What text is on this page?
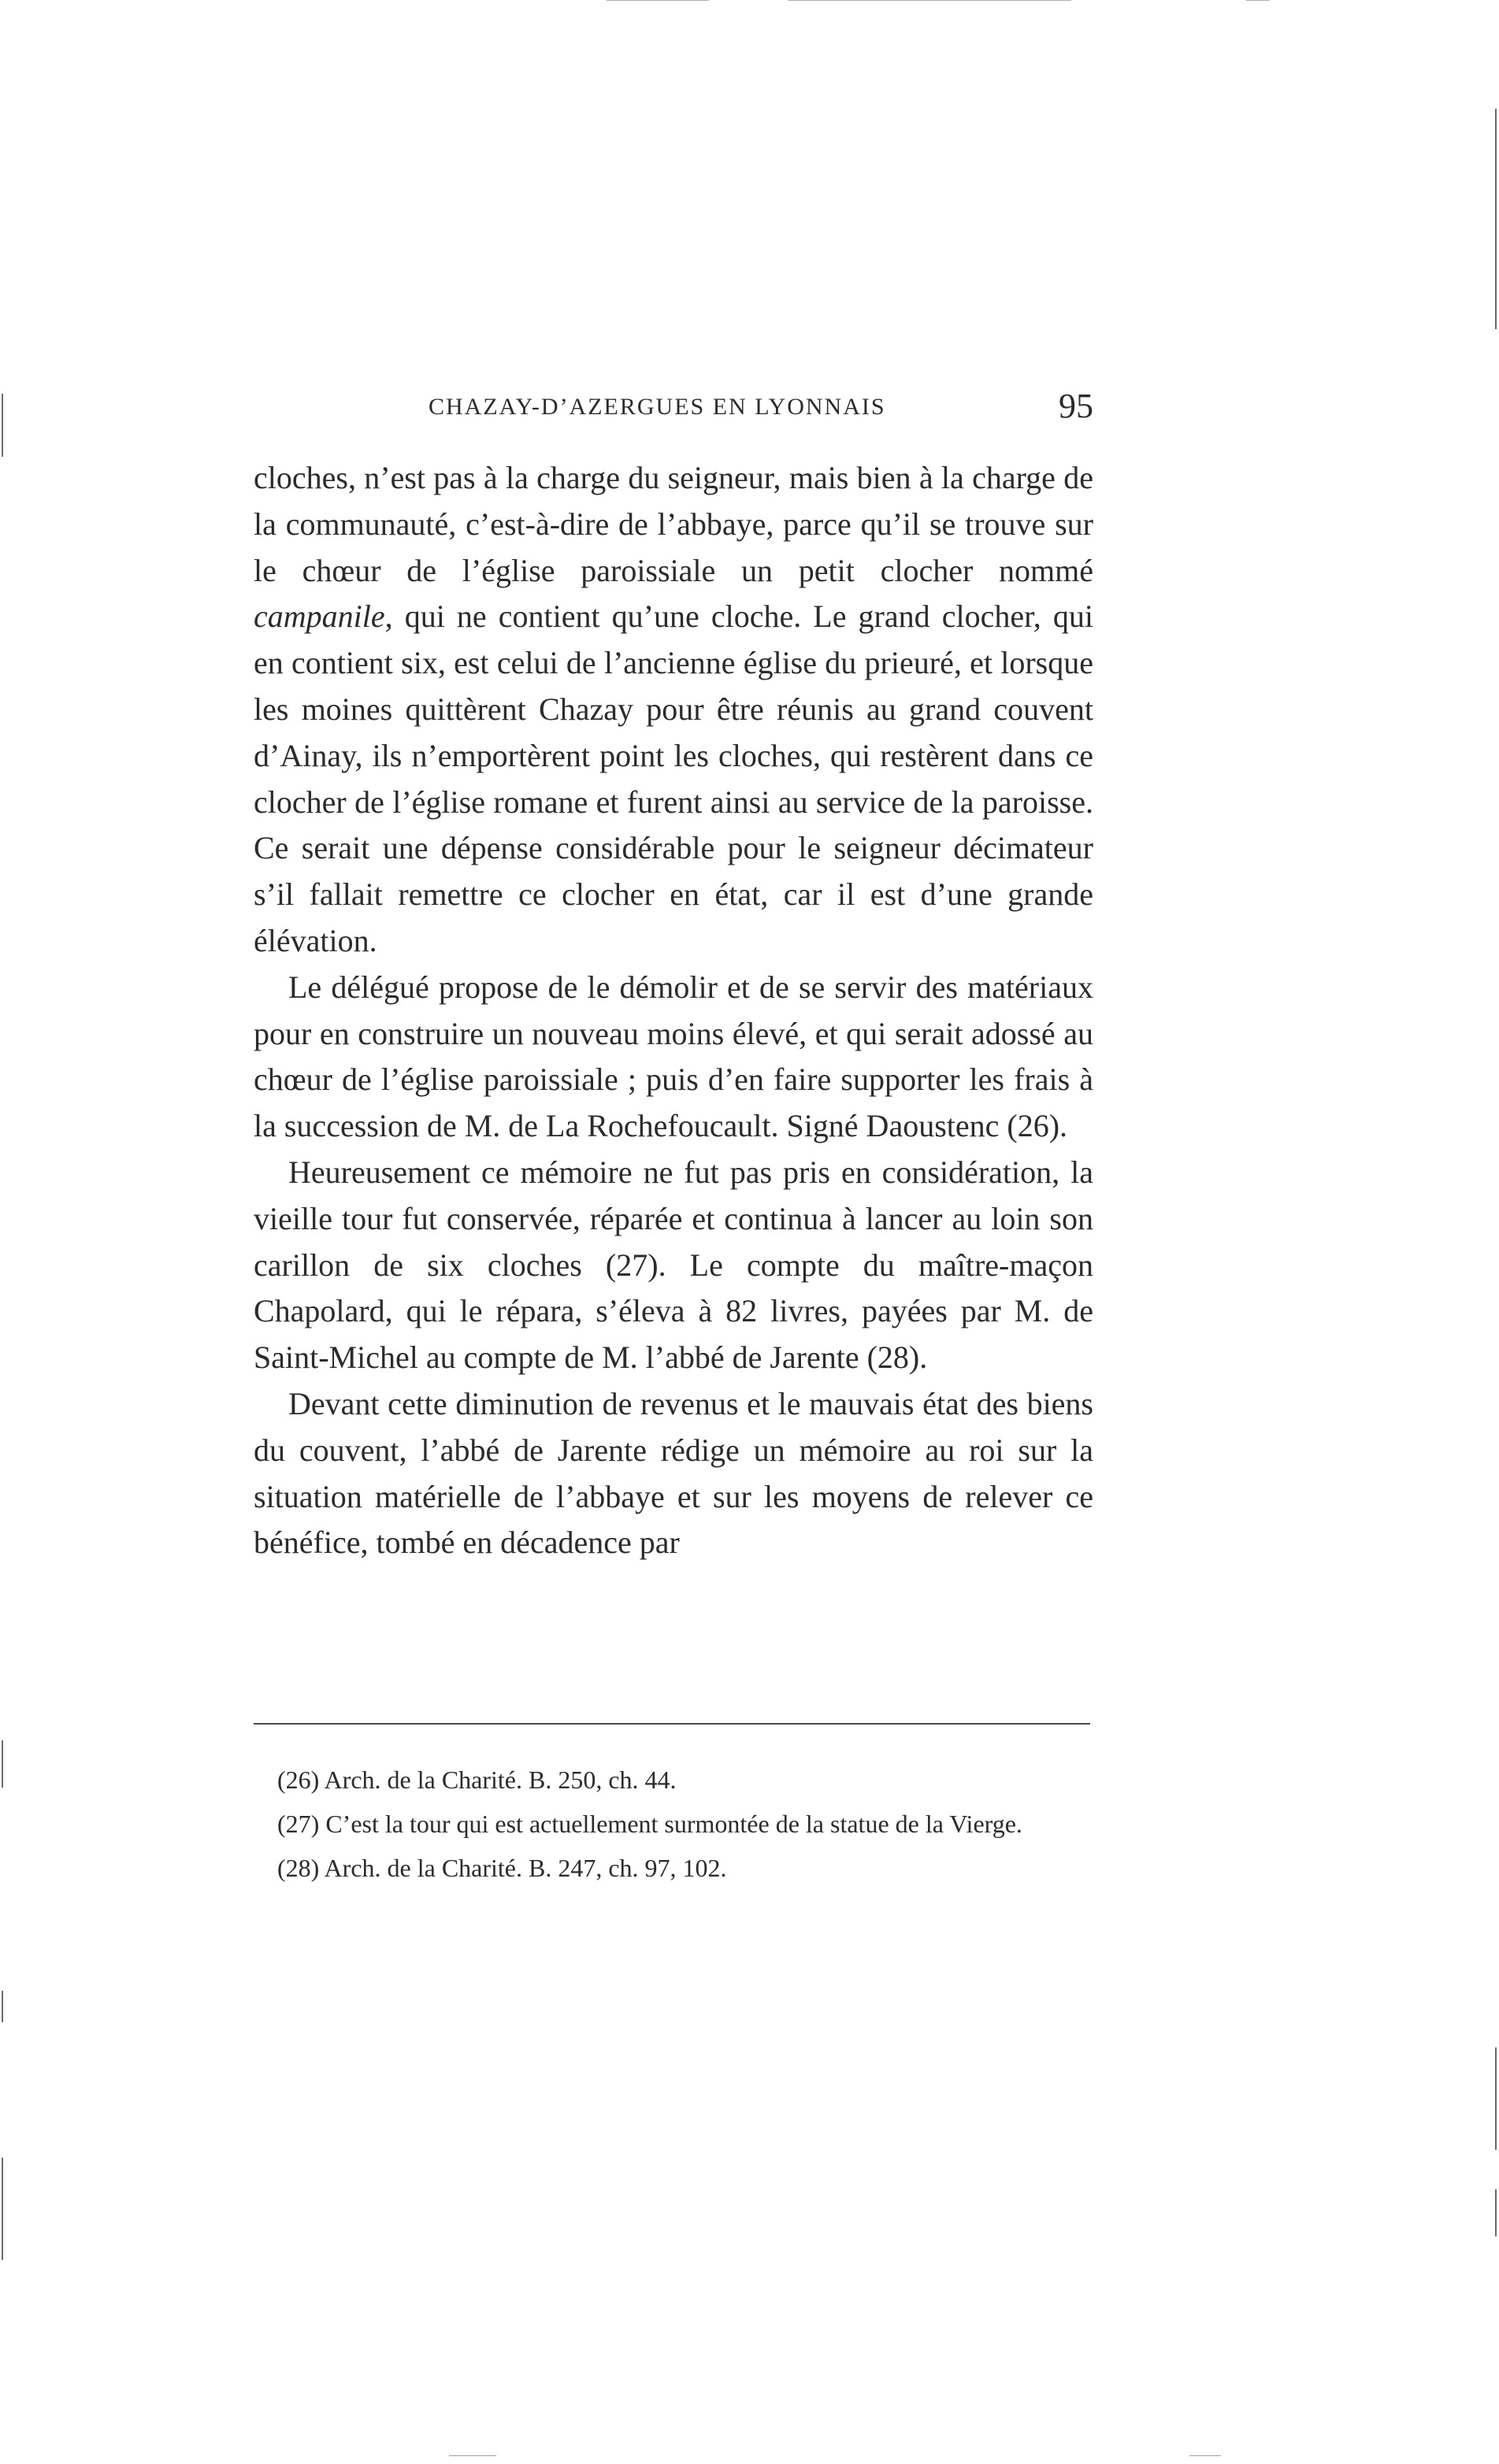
CHAZAY-D’AZERGUES EN LYONNAIS	95

cloches, n’est pas à la charge du seigneur, mais bien à la charge de la communauté, c’est-à-dire de l’abbaye, parce qu’il se trouve sur le chœur de l’église paroissiale un petit clocher nommé campanile, qui ne contient qu’une cloche. Le grand clocher, qui en contient six, est celui de l’ancienne église du prieuré, et lorsque les moines quittèrent Chazay pour être réunis au grand couvent d’Ainay, ils n’emportèrent point les cloches, qui restèrent dans ce clocher de l’église romane et furent ainsi au service de la paroisse. Ce serait une dépense considérable pour le seigneur décimateur s’il fallait remettre ce clocher en état, car il est d’une grande élévation.

Le délégué propose de le démolir et de se servir des matériaux pour en construire un nouveau moins élevé, et qui serait adossé au chœur de l’église paroissiale ; puis d’en faire supporter les frais à la succession de M. de La Rochefoucault. Signé Daoustenc (26).

Heureusement ce mémoire ne fut pas pris en considération, la vieille tour fut conservée, réparée et continua à lancer au loin son carillon de six cloches (27). Le compte du maître-maçon Chapolard, qui le répara, s’éleva à 82 livres, payées par M. de Saint-Michel au compte de M. l’abbé de Jarente (28).

Devant cette diminution de revenus et le mauvais état des biens du couvent, l’abbé de Jarente rédige un mémoire au roi sur la situation matérielle de l’abbaye et sur les moyens de relever ce bénéfice, tombé en décadence par

(26) Arch. de la Charité. B. 250, ch. 44.

(27) C’est la tour qui est actuellement surmontée de la statue de la Vierge.

(28) Arch. de la Charité. B. 247, ch. 97, 102.
